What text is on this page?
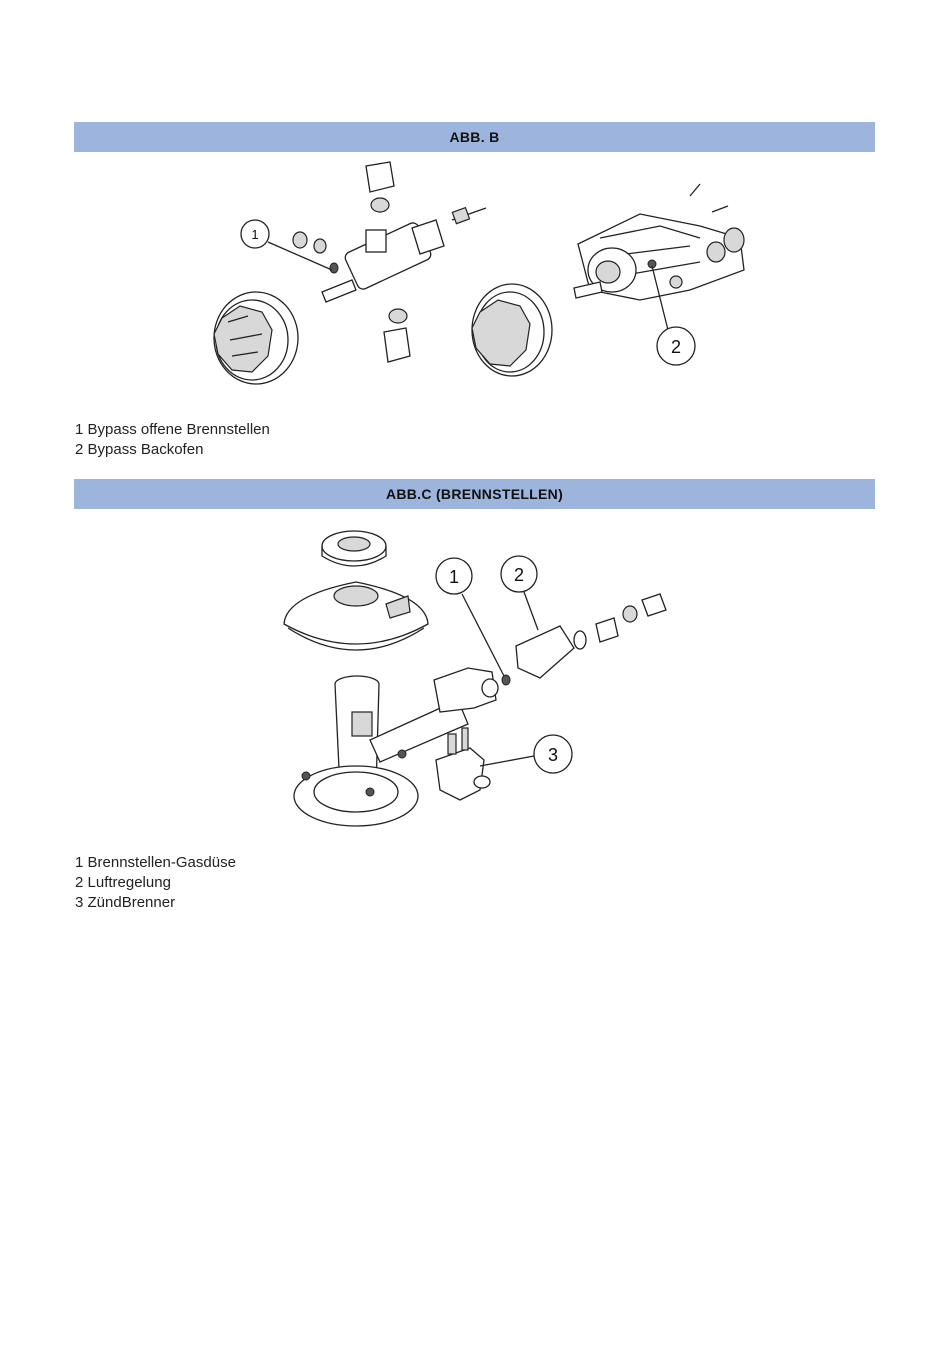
ABB. B
1
2
1	2
3
1 Bypass offene Brennstellen
2 Bypass Backofen
ABB.C (BRENNSTELLEN)
1 Brennstellen-Gasdüse
2 Luftregelung
3 ZündBrenner
